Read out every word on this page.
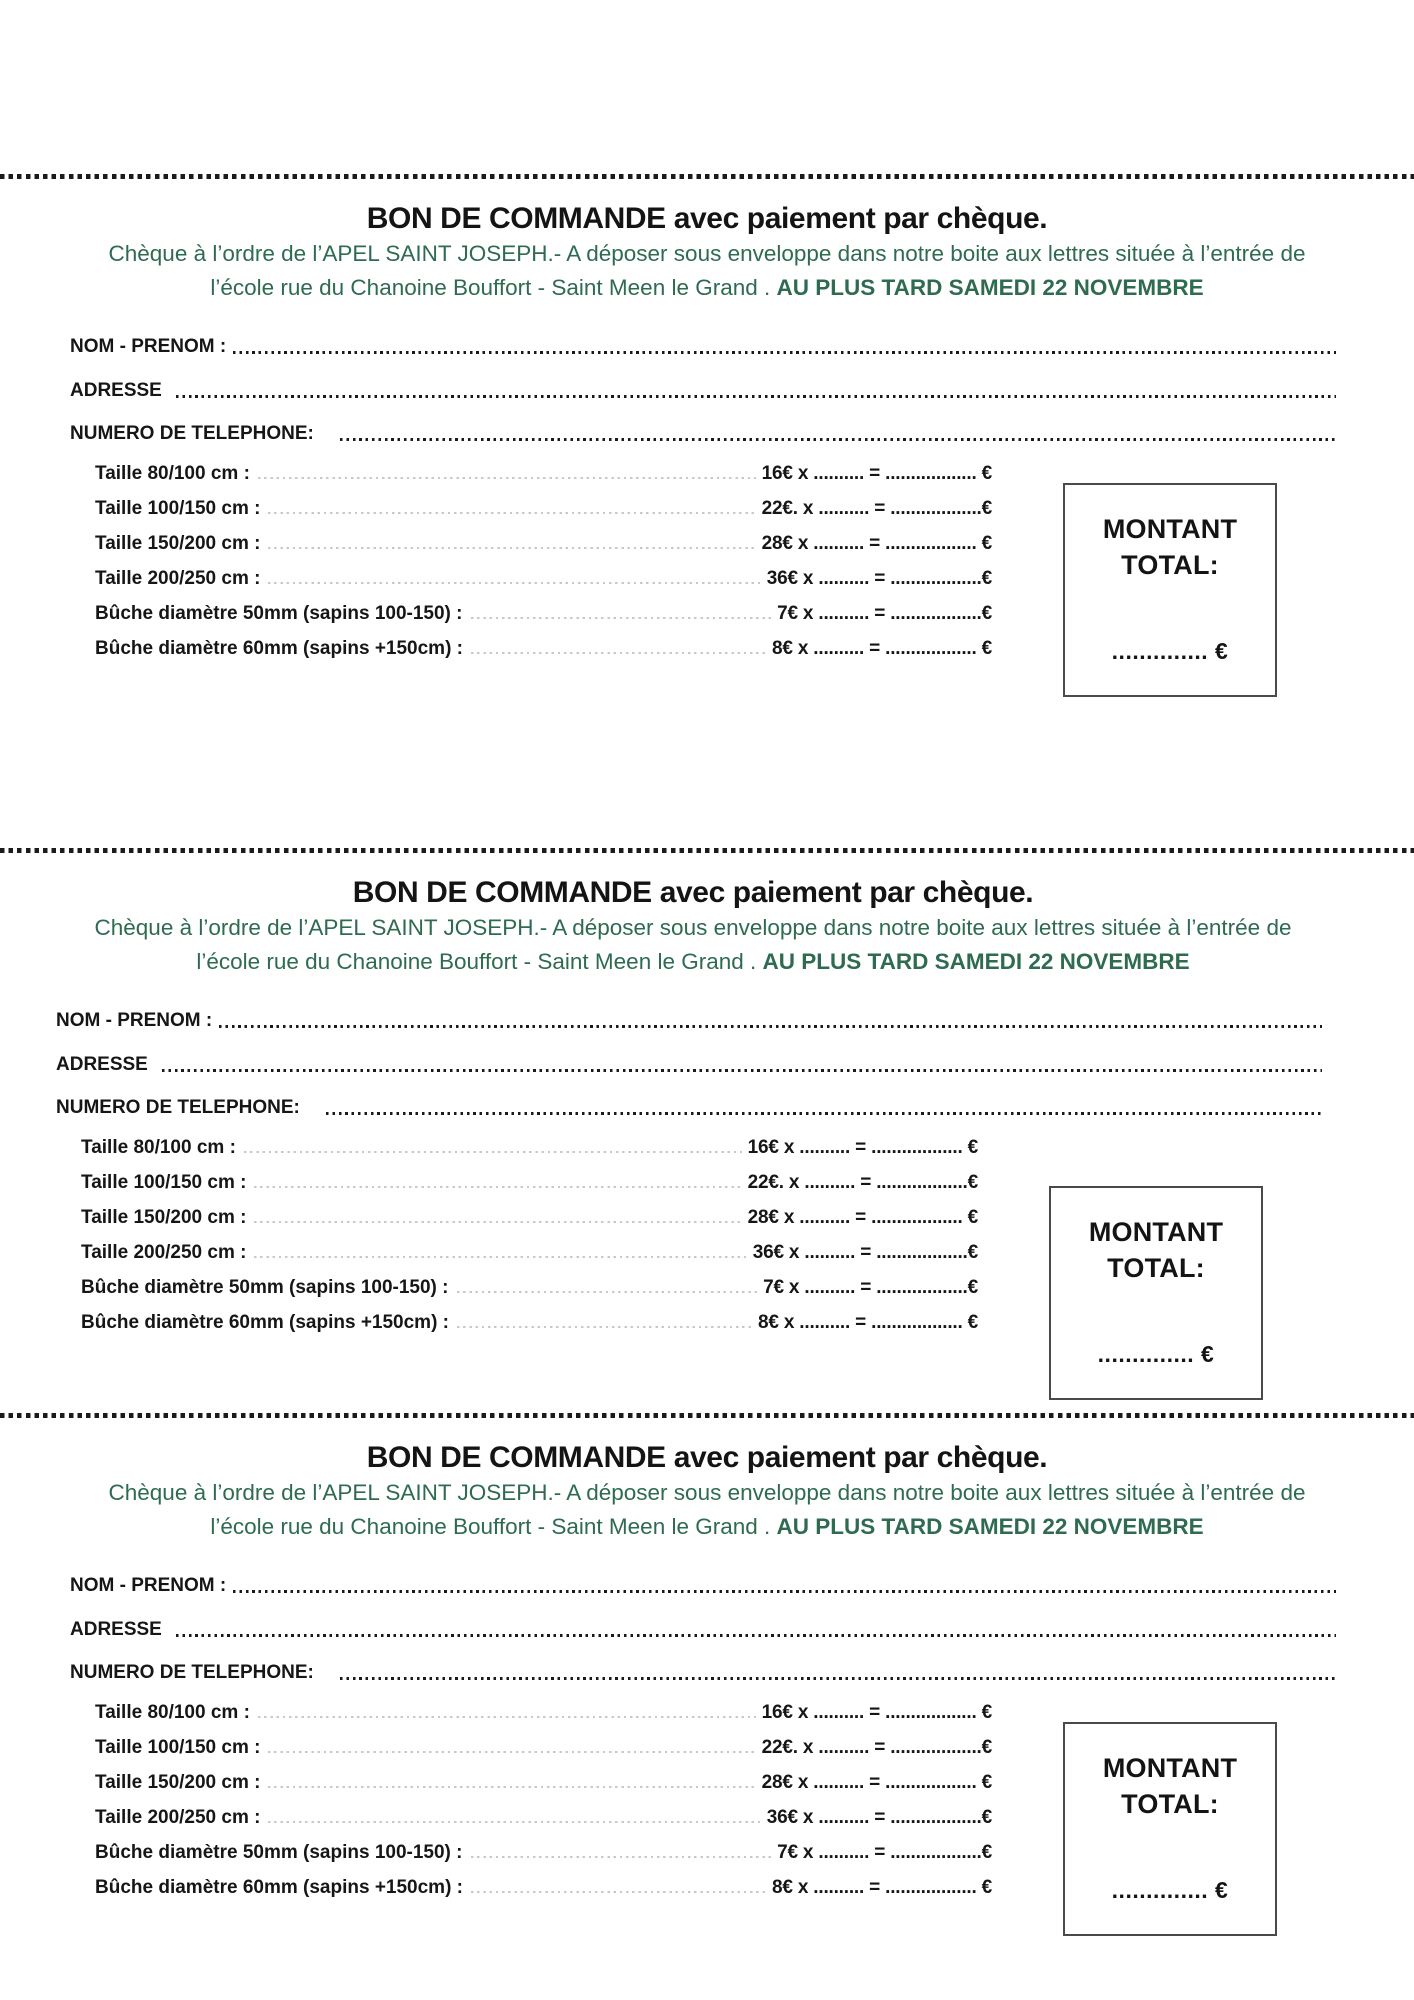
BON DE COMMANDE avec paiement par chèque.

Chèque à l’ordre de l’APEL SAINT JOSEPH.- A déposer sous enveloppe dans notre boite aux lettres située à l’entrée de
l’école rue du Chanoine Bouffort - Saint Meen le Grand . AU PLUS TARD SAMEDI 22 NOVEMBRE

NOM - PRENOM :
ADRESSE
NUMERO DE TELEPHONE:
Taille 80/100 cm :	16€ x .......... = .................. €
Taille 100/150 cm :	22€. x .......... = ..................€
Taille 150/200 cm :	28€ x .......... = .................. €
Taille 200/250 cm :	36€ x .......... = ..................€
Bûche diamètre 50mm (sapins 100-150) :	7€ x .......... = ..................€
Bûche diamètre 60mm (sapins +150cm) :	8€ x .......... = .................. €
MONTANT TOTAL:
.............. €
BON DE COMMANDE avec paiement par chèque.

Chèque à l’ordre de l’APEL SAINT JOSEPH.- A déposer sous enveloppe dans notre boite aux lettres située à l’entrée de
l’école rue du Chanoine Bouffort - Saint Meen le Grand . AU PLUS TARD SAMEDI 22 NOVEMBRE

NOM - PRENOM :
ADRESSE
NUMERO DE TELEPHONE:
Taille 80/100 cm :	16€ x .......... = .................. €
Taille 100/150 cm :	22€. x .......... = ..................€
Taille 150/200 cm :	28€ x .......... = .................. €
Taille 200/250 cm :	36€ x .......... = ..................€
Bûche diamètre 50mm (sapins 100-150) :	7€ x .......... = ..................€
Bûche diamètre 60mm (sapins +150cm) :	8€ x .......... = .................. €
MONTANT TOTAL:
.............. €
BON DE COMMANDE avec paiement par chèque.

Chèque à l’ordre de l’APEL SAINT JOSEPH.- A déposer sous enveloppe dans notre boite aux lettres située à l’entrée de
l’école rue du Chanoine Bouffort - Saint Meen le Grand . AU PLUS TARD SAMEDI 22 NOVEMBRE

NOM - PRENOM :
ADRESSE
NUMERO DE TELEPHONE:
Taille 80/100 cm :	16€ x .......... = .................. €
Taille 100/150 cm :	22€. x .......... = ..................€
Taille 150/200 cm :	28€ x .......... = .................. €
Taille 200/250 cm :	36€ x .......... = ..................€
Bûche diamètre 50mm (sapins 100-150) :	7€ x .......... = ..................€
Bûche diamètre 60mm (sapins +150cm) :	8€ x .......... = .................. €
MONTANT TOTAL:
.............. €
